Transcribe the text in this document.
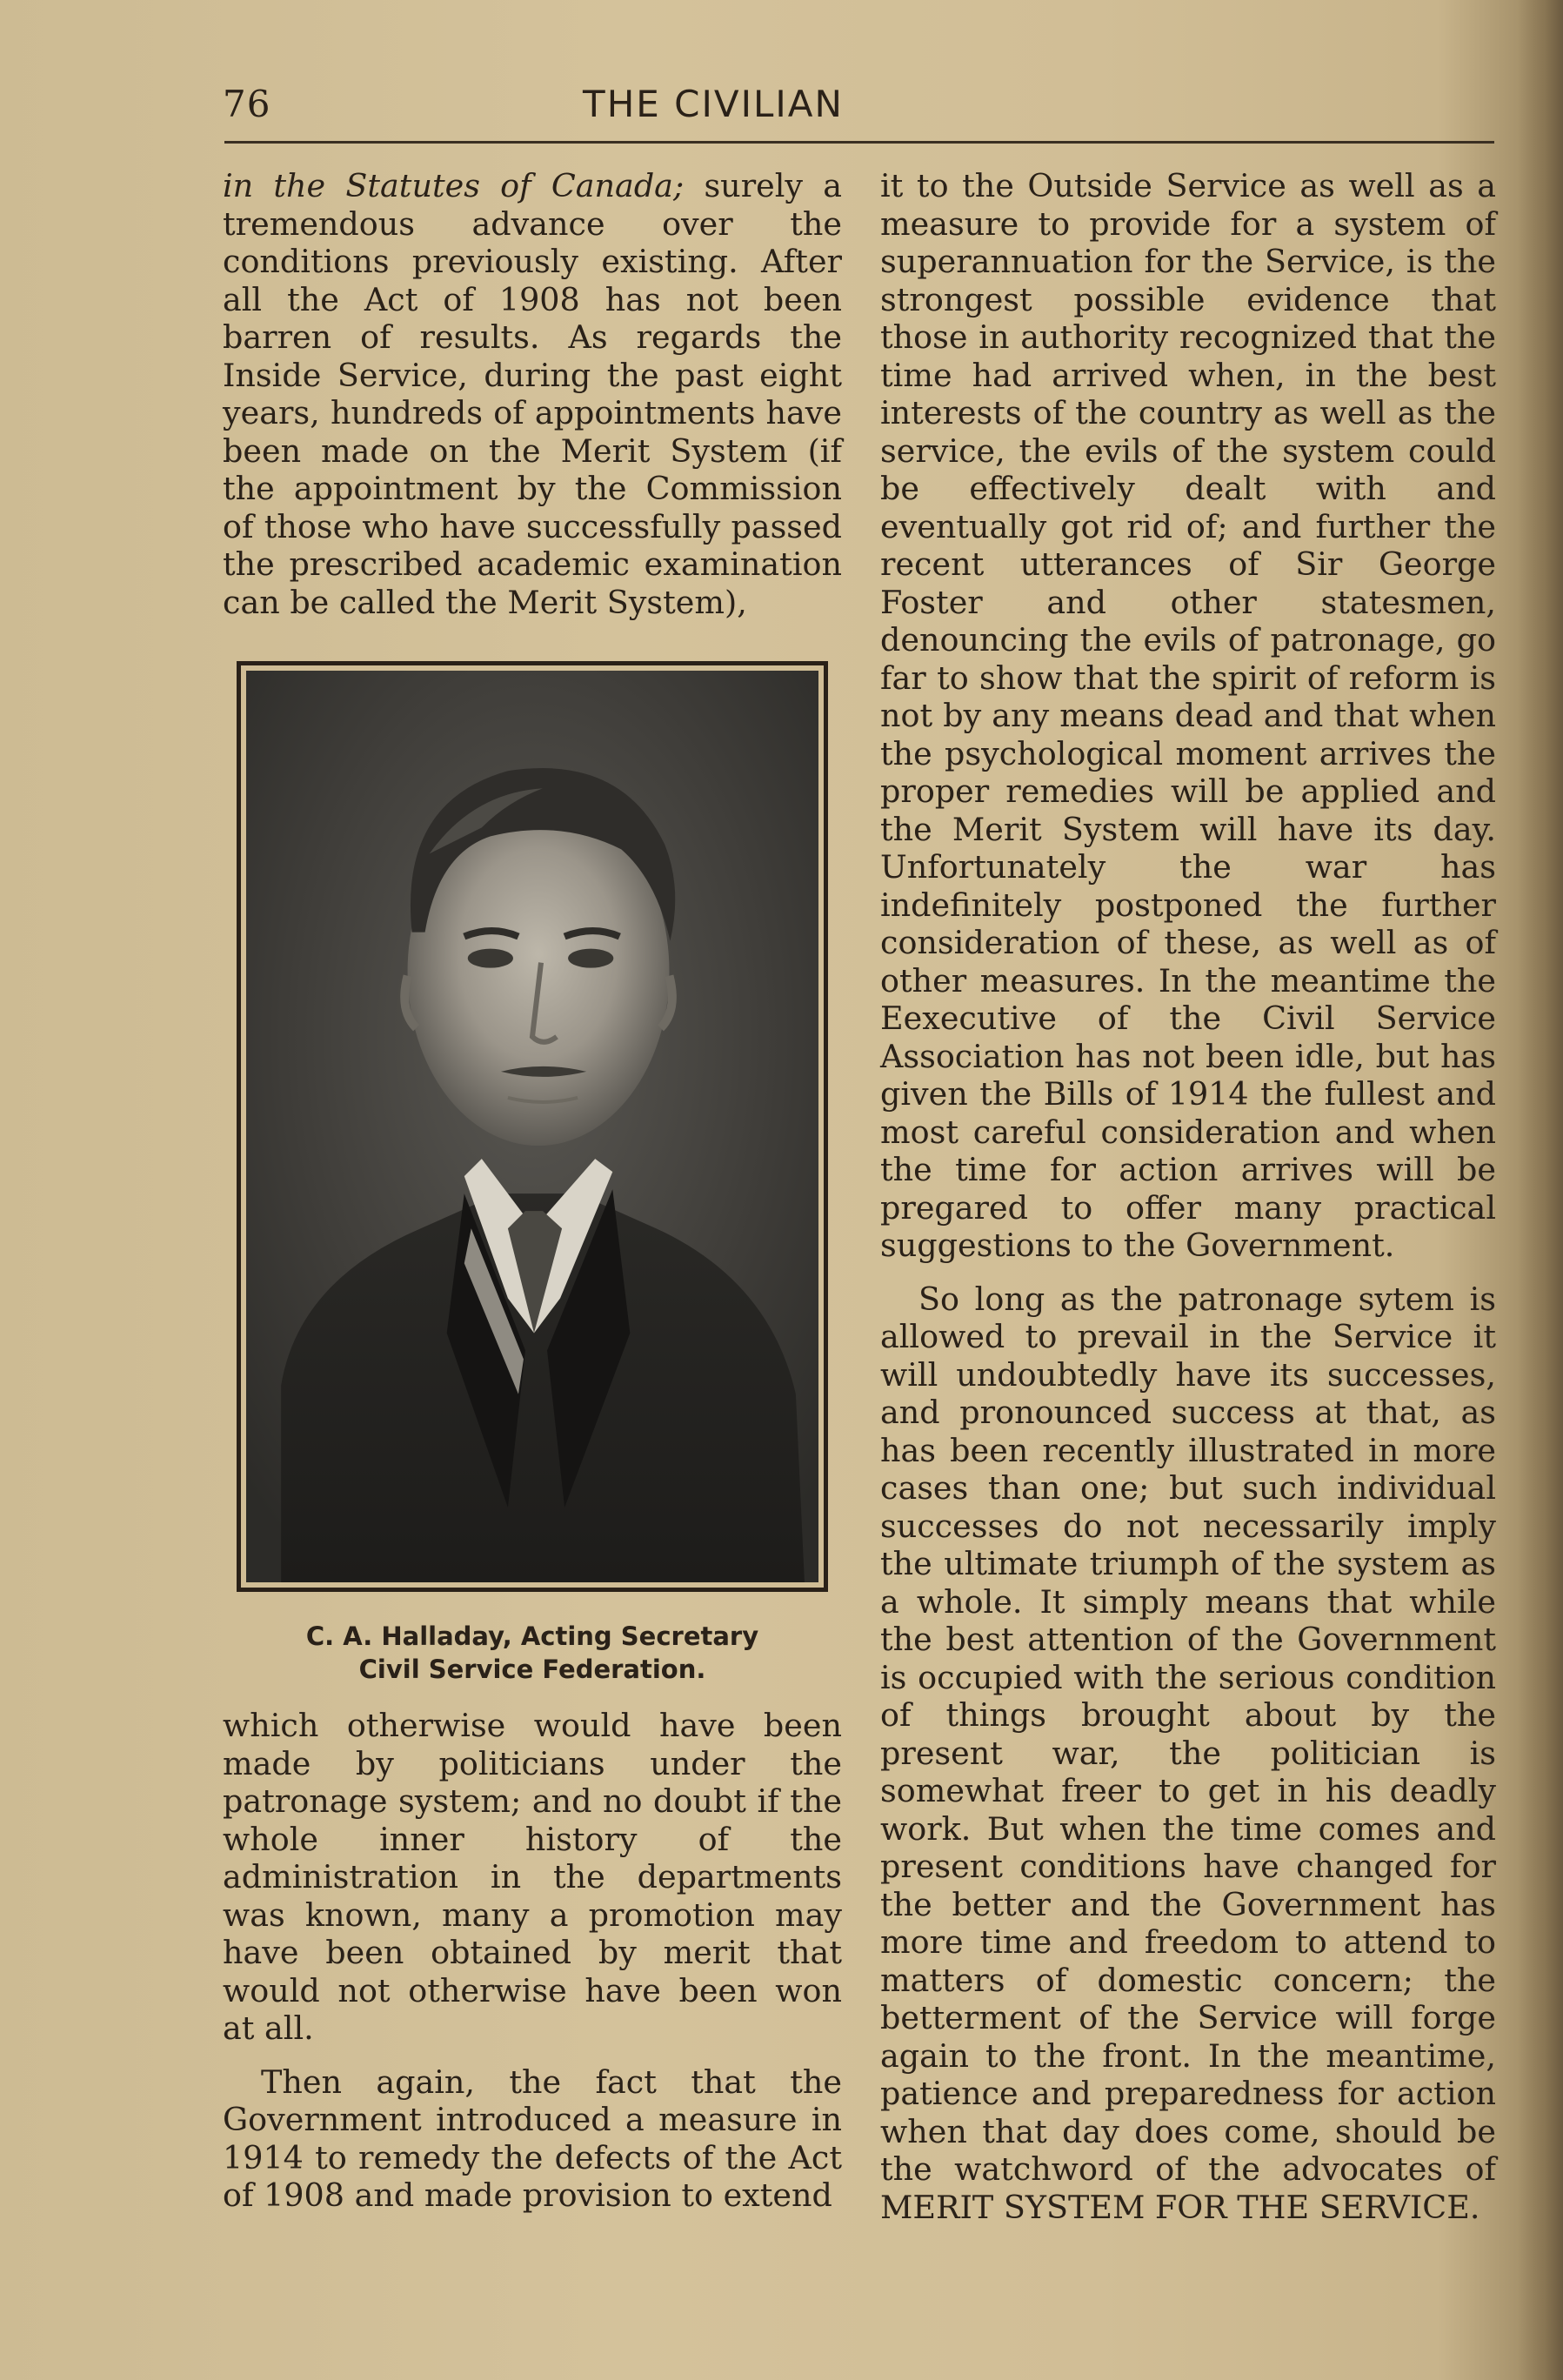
76	THE CIVILIAN

in the Statutes of Canada; surely a tremendous advance over the conditions previously existing. After all the Act of 1908 has not been barren of results. As regards the Inside Service, during the past eight years, hundreds of appointments have been made on the Merit System (if the appointment by the Commission of those who have successfully passed the prescribed academic examination can be called the Merit System),

C. A. Halladay, Acting Secretary
Civil Service Federation.

which otherwise would have been made by politicians under the patronage system; and no doubt if the whole inner history of the administration in the departments was known, many a promotion may have been obtained by merit that would not otherwise have been won at all.

Then again, the fact that the Government introduced a measure in 1914 to remedy the defects of the Act of 1908 and made provision to extend

it to the Outside Service as well as a measure to provide for a system of superannuation for the Service, is the strongest possible evidence that those in authority recognized that the time had arrived when, in the best interests of the country as well as the service, the evils of the system could be effectively dealt with and eventually got rid of; and further the recent utterances of Sir George Foster and other statesmen, denouncing the evils of patronage, go far to show that the spirit of reform is not by any means dead and that when the psychological moment arrives the proper remedies will be applied and the Merit System will have its day. Unfortunately the war has indefinitely postponed the further consideration of these, as well as of other measures. In the meantime the Eexecutive of the Civil Service Association has not been idle, but has given the Bills of 1914 the fullest and most careful consideration and when the time for action arrives will be pregared to offer many practical suggestions to the Government.

So long as the patronage sytem is allowed to prevail in the Service it will undoubtedly have its successes, and pronounced success at that, as has been recently illustrated in more cases than one; but such individual successes do not necessarily imply the ultimate triumph of the system as a whole. It simply means that while the best attention of the Government is occupied with the serious condition of things brought about by the present war, the politician is somewhat freer to get in his deadly work. But when the time comes and present conditions have changed for the better and the Government has more time and freedom to attend to matters of domestic concern; the betterment of the Service will forge again to the front. In the meantime, patience and preparedness for action when that day does come, should be the watchword of the advocates of MERIT SYSTEM FOR THE SERVICE.
